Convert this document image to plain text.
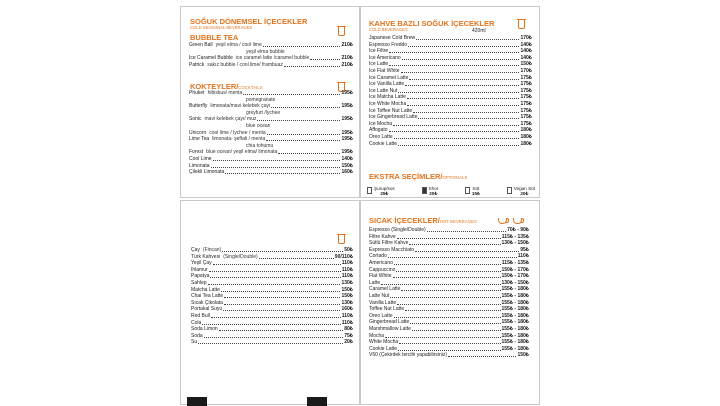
SOĞUK DÖNEMSEL İÇECEKLER
COLD SEASONAL BEVERAGES
BUBBLE TEA
Green Ball yeşil elma / cool lime	210₺
yeşil elma bubble
Ice Caramel Bubble ice caramel latte /caramel bubble	210₺
Patrick sakız bubble / cool lime/ frambuaz	210₺
KOKTEYLER/COCKTAILS
Phuket hibiskus/ menta	195₺
pomegranate
Butterfly limonata/mavi kelebek çayı	195₺
greyfurt /lychee
Sonic mavi kelebek çayı/ muz	195₺
blue ocean
Unicorn cool lime / lychee / menta	195₺
Lime Tea limonata- şeftali / menta	195₺
chia tohumu
Forest blue ocean/ yeşil elma/ limonata	195₺
Cool Lime	140₺
Limonata	150₺
Çilekli Limonata	160₺
KAHVE BAZLI SOĞUK İÇECEKLER
COLD BEVERAGES	420ml
Japanese Cold Brew	170₺
Espresso Freddo	140₺
Ice Filtre	140₺
Ice Americano	140₺
Ice Latte	150₺
Ice Flat White	170₺
Ice Caramel Latte	175₺
Ice Vanilla Latte	175₺
Ice Latte Nut	175₺
Ice Matcha Latte	175₺
Ice White Mocha	175₺
Ice Toffee Nut Latte	175₺
Ice Gingerbread Latte	175₺
Ice Mocha	175₺
Affogato	180₺
Oreo Latte	180₺
Cookie Latte	180₺
EKSTRA SEÇİMLER/OPTIONALS
Şurup/sos
25₺
Shot
20₺
Süt
15₺
Vegan Süt
20₺
Çay (Fincan)	50₺
Türk Kahvesi (Single/Double)	90/110₺
Yeşil Çay	110₺
Ihlamur	110₺
Papatya	110₺
Sahlep	130₺
Matcha Latte	150₺
Chai Tea Latte	150₺
Sıcak Çikolata	130₺
Portakal Suyu	160₺
Red Bull	110₺
Cola	110₺
Soda Limon	80₺
Soda	75₺
Su	20₺
SICAK İÇECEKLER/HOT BEVERAGES
Espresso (Single/Double)	70₺ - 90₺
Filtre Kahve	115₺ - 135₺
Sütlü Filtre Kahve	130₺ - 150₺
Espresso Macchiato	95₺
Cortado	110₺
Americano	115₺ - 135₺
Cappuccino	150₺ - 170₺
Flat White	150₺ - 170₺
Latte	130₺ - 150₺
Caramel Latte	155₺ - 180₺
Latte Nut	155₺ - 180₺
Vanilla Latte	155₺ - 180₺
Toffee Nut Latte	155₺ - 180₺
Oreo Latte	155₺ - 180₺
Gingerbread Latte	155₺ - 180₺
Marshmallow Latte	155₺ - 180₺
Mocha	155₺ - 180₺
White Mocha	155₺ - 180₺
Cookie Latte	155₺ - 180₺
V60 (Çekirdek tercihi yapabilirsiniz)	150₺
